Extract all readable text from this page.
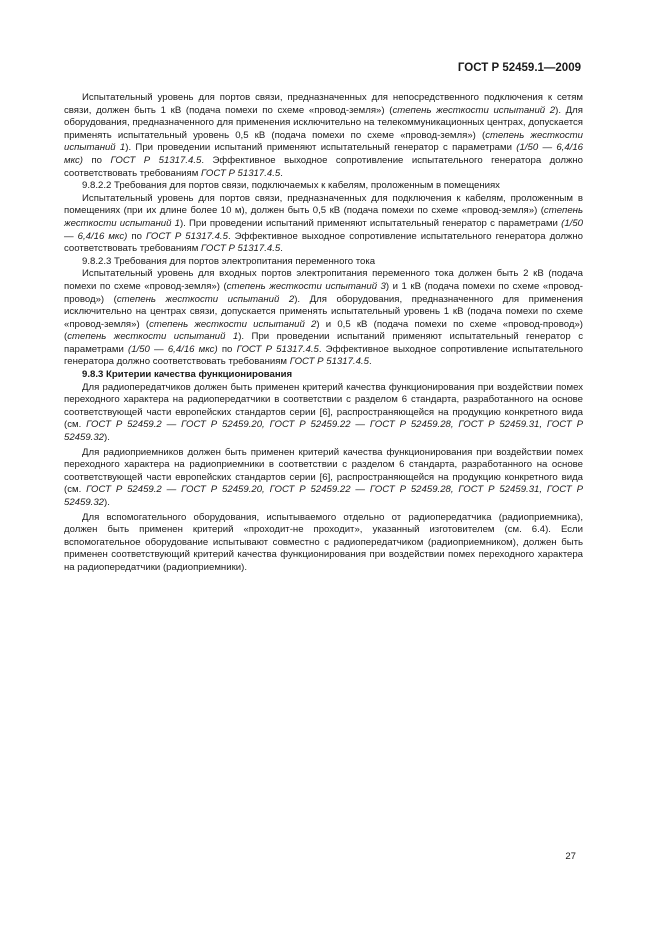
ГОСТ Р 52459.1—2009

Испытательный уровень для портов связи, предназначенных для непосредственного подключения к сетям связи, должен быть 1 кВ (подача помехи по схеме «провод-земля») (степень жесткости испытаний 2). Для оборудования, предназначенного для применения исключительно на телекоммуникационных центрах, допускается применять испытательный уровень 0,5 кВ (подача помехи по схеме «провод-земля») (степень жесткости испытаний 1). При проведении испытаний применяют испытательный генератор с параметрами (1/50 — 6,4/16 мкс) по ГОСТ Р 51317.4.5. Эффективное выходное сопротивление испытательного генератора должно соответствовать требованиям ГОСТ Р 51317.4.5.

9.8.2.2 Требования для портов связи, подключаемых к кабелям, проложенным в помещениях

Испытательный уровень для портов связи, предназначенных для подключения к кабелям, проложенным в помещениях (при их длине более 10 м), должен быть 0,5 кВ (подача помехи по схеме «провод-земля») (степень жесткости испытаний 1). При проведении испытаний применяют испытательный генератор с параметрами (1/50 — 6,4/16 мкс) по ГОСТ Р 51317.4.5. Эффективное выходное сопротивление испытательного генератора должно соответствовать требованиям ГОСТ Р 51317.4.5.

9.8.2.3 Требования для портов электропитания переменного тока

Испытательный уровень для входных портов электропитания переменного тока должен быть 2 кВ (подача помехи по схеме «провод-земля») (степень жесткости испытаний 3) и 1 кВ (подача помехи по схеме «провод-провод») (степень жесткости испытаний 2). Для оборудования, предназначенного для применения исключительно на центрах связи, допускается применять испытательный уровень 1 кВ (подача помехи по схеме «провод-земля») (степень жесткости испытаний 2) и 0,5 кВ (подача помехи по схеме «провод-провод») (степень жесткости испытаний 1). При проведении испытаний применяют испытательный генератор с параметрами (1/50 — 6,4/16 мкс) по ГОСТ Р 51317.4.5. Эффективное выходное сопротивление испытательного генератора должно соответствовать требованиям ГОСТ Р 51317.4.5.

9.8.3 Критерии качества функционирования

Для радиопередатчиков должен быть применен критерий качества функционирования при воздействии помех переходного характера на радиопередатчики в соответствии с разделом 6 стандарта, разработанного на основе соответствующей части европейских стандартов серии [6], распространяющейся на продукцию конкретного вида (см. ГОСТ Р 52459.2 — ГОСТ Р 52459.20, ГОСТ Р 52459.22 — ГОСТ Р 52459.28, ГОСТ Р 52459.31, ГОСТ Р 52459.32).

Для радиоприемников должен быть применен критерий качества функционирования при воздействии помех переходного характера на радиоприемники в соответствии с разделом 6 стандарта, разработанного на основе соответствующей части европейских стандартов серии [6], распространяющейся на продукцию конкретного вида (см. ГОСТ Р 52459.2 — ГОСТ Р 52459.20, ГОСТ Р 52459.22 — ГОСТ Р 52459.28, ГОСТ Р 52459.31, ГОСТ Р 52459.32).

Для вспомогательного оборудования, испытываемого отдельно от радиопередатчика (радиоприемника), должен быть применен критерий «проходит-не проходит», указанный изготовителем (см. 6.4). Если вспомогательное оборудование испытывают совместно с радиопередатчиком (радиоприемником), должен быть применен соответствующий критерий качества функционирования при воздействии помех переходного характера на радиопередатчики (радиоприемники).

27
